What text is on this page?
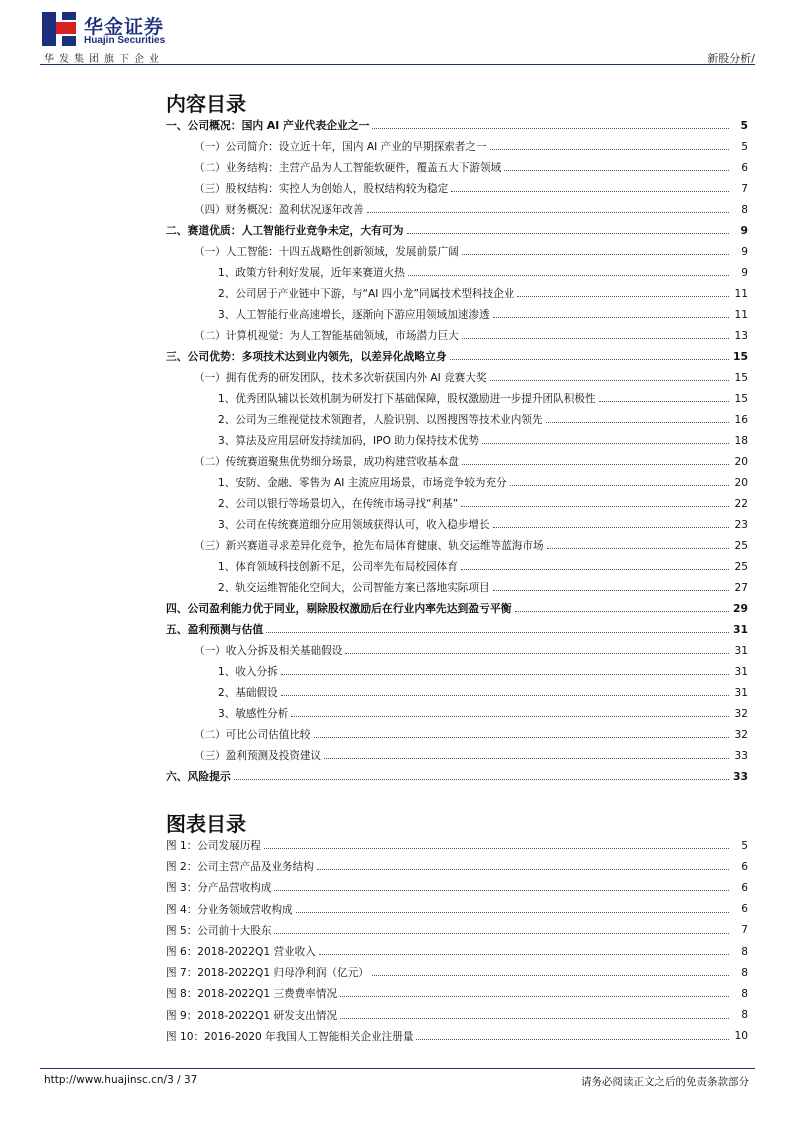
华金证券
Huajin Securities
华发集团旗下企业	新股分析/
内容目录
一、公司概况：国内 AI 产业代表企业之一	5
（一）公司简介：设立近十年，国内 AI 产业的早期探索者之一	5
（二）业务结构：主营产品为人工智能软硬件，覆盖五大下游领域	6
（三）股权结构：实控人为创始人，股权结构较为稳定	7
（四）财务概况：盈利状况逐年改善	8
二、赛道优质：人工智能行业竞争未定，大有可为	9
（一）人工智能：十四五战略性创新领域，发展前景广阔	9
1、政策方针利好发展，近年来赛道火热	9
2、公司居于产业链中下游，与“AI 四小龙”同属技术型科技企业	11
3、人工智能行业高速增长，逐渐向下游应用领域加速渗透	11
（二）计算机视觉：为人工智能基础领域，市场潜力巨大	13
三、公司优势：多项技术达到业内领先，以差异化战略立身	15
（一）拥有优秀的研发团队，技术多次斩获国内外 AI 竞赛大奖	15
1、优秀团队辅以长效机制为研发打下基础保障，股权激励进一步提升团队积极性	15
2、公司为三维视觉技术领跑者，人脸识别、以图搜图等技术业内领先	16
3、算法及应用层研发持续加码，IPO 助力保持技术优势	18
（二）传统赛道聚焦优势细分场景，成功构建营收基本盘	20
1、安防、金融、零售为 AI 主流应用场景，市场竞争较为充分	20
2、公司以银行等场景切入，在传统市场寻找“利基”	22
3、公司在传统赛道细分应用领域获得认可，收入稳步增长	23
（三）新兴赛道寻求差异化竞争，抢先布局体育健康、轨交运维等蓝海市场	25
1、体育领域科技创新不足，公司率先布局校园体育	25
2、轨交运维智能化空间大，公司智能方案已落地实际项目	27
四、公司盈利能力优于同业，剔除股权激励后在行业内率先达到盈亏平衡	29
五、盈利预测与估值	31
（一）收入分拆及相关基础假设	31
1、收入分拆	31
2、基础假设	31
3、敏感性分析	32
（二）可比公司估值比较	32
（三）盈利预测及投资建议	33
六、风险提示	33
图表目录
图 1：公司发展历程	5
图 2：公司主营产品及业务结构	6
图 3：分产品营收构成	6
图 4：分业务领域营收构成	6
图 5：公司前十大股东	7
图 6：2018-2022Q1 营业收入	8
图 7：2018-2022Q1 归母净利润（亿元）	8
图 8：2018-2022Q1 三费费率情况	8
图 9：2018-2022Q1 研发支出情况	8
图 10：2016-2020 年我国人工智能相关企业注册量	10
http://www.huajinsc.cn/3 / 37	请务必阅读正文之后的免责条款部分
